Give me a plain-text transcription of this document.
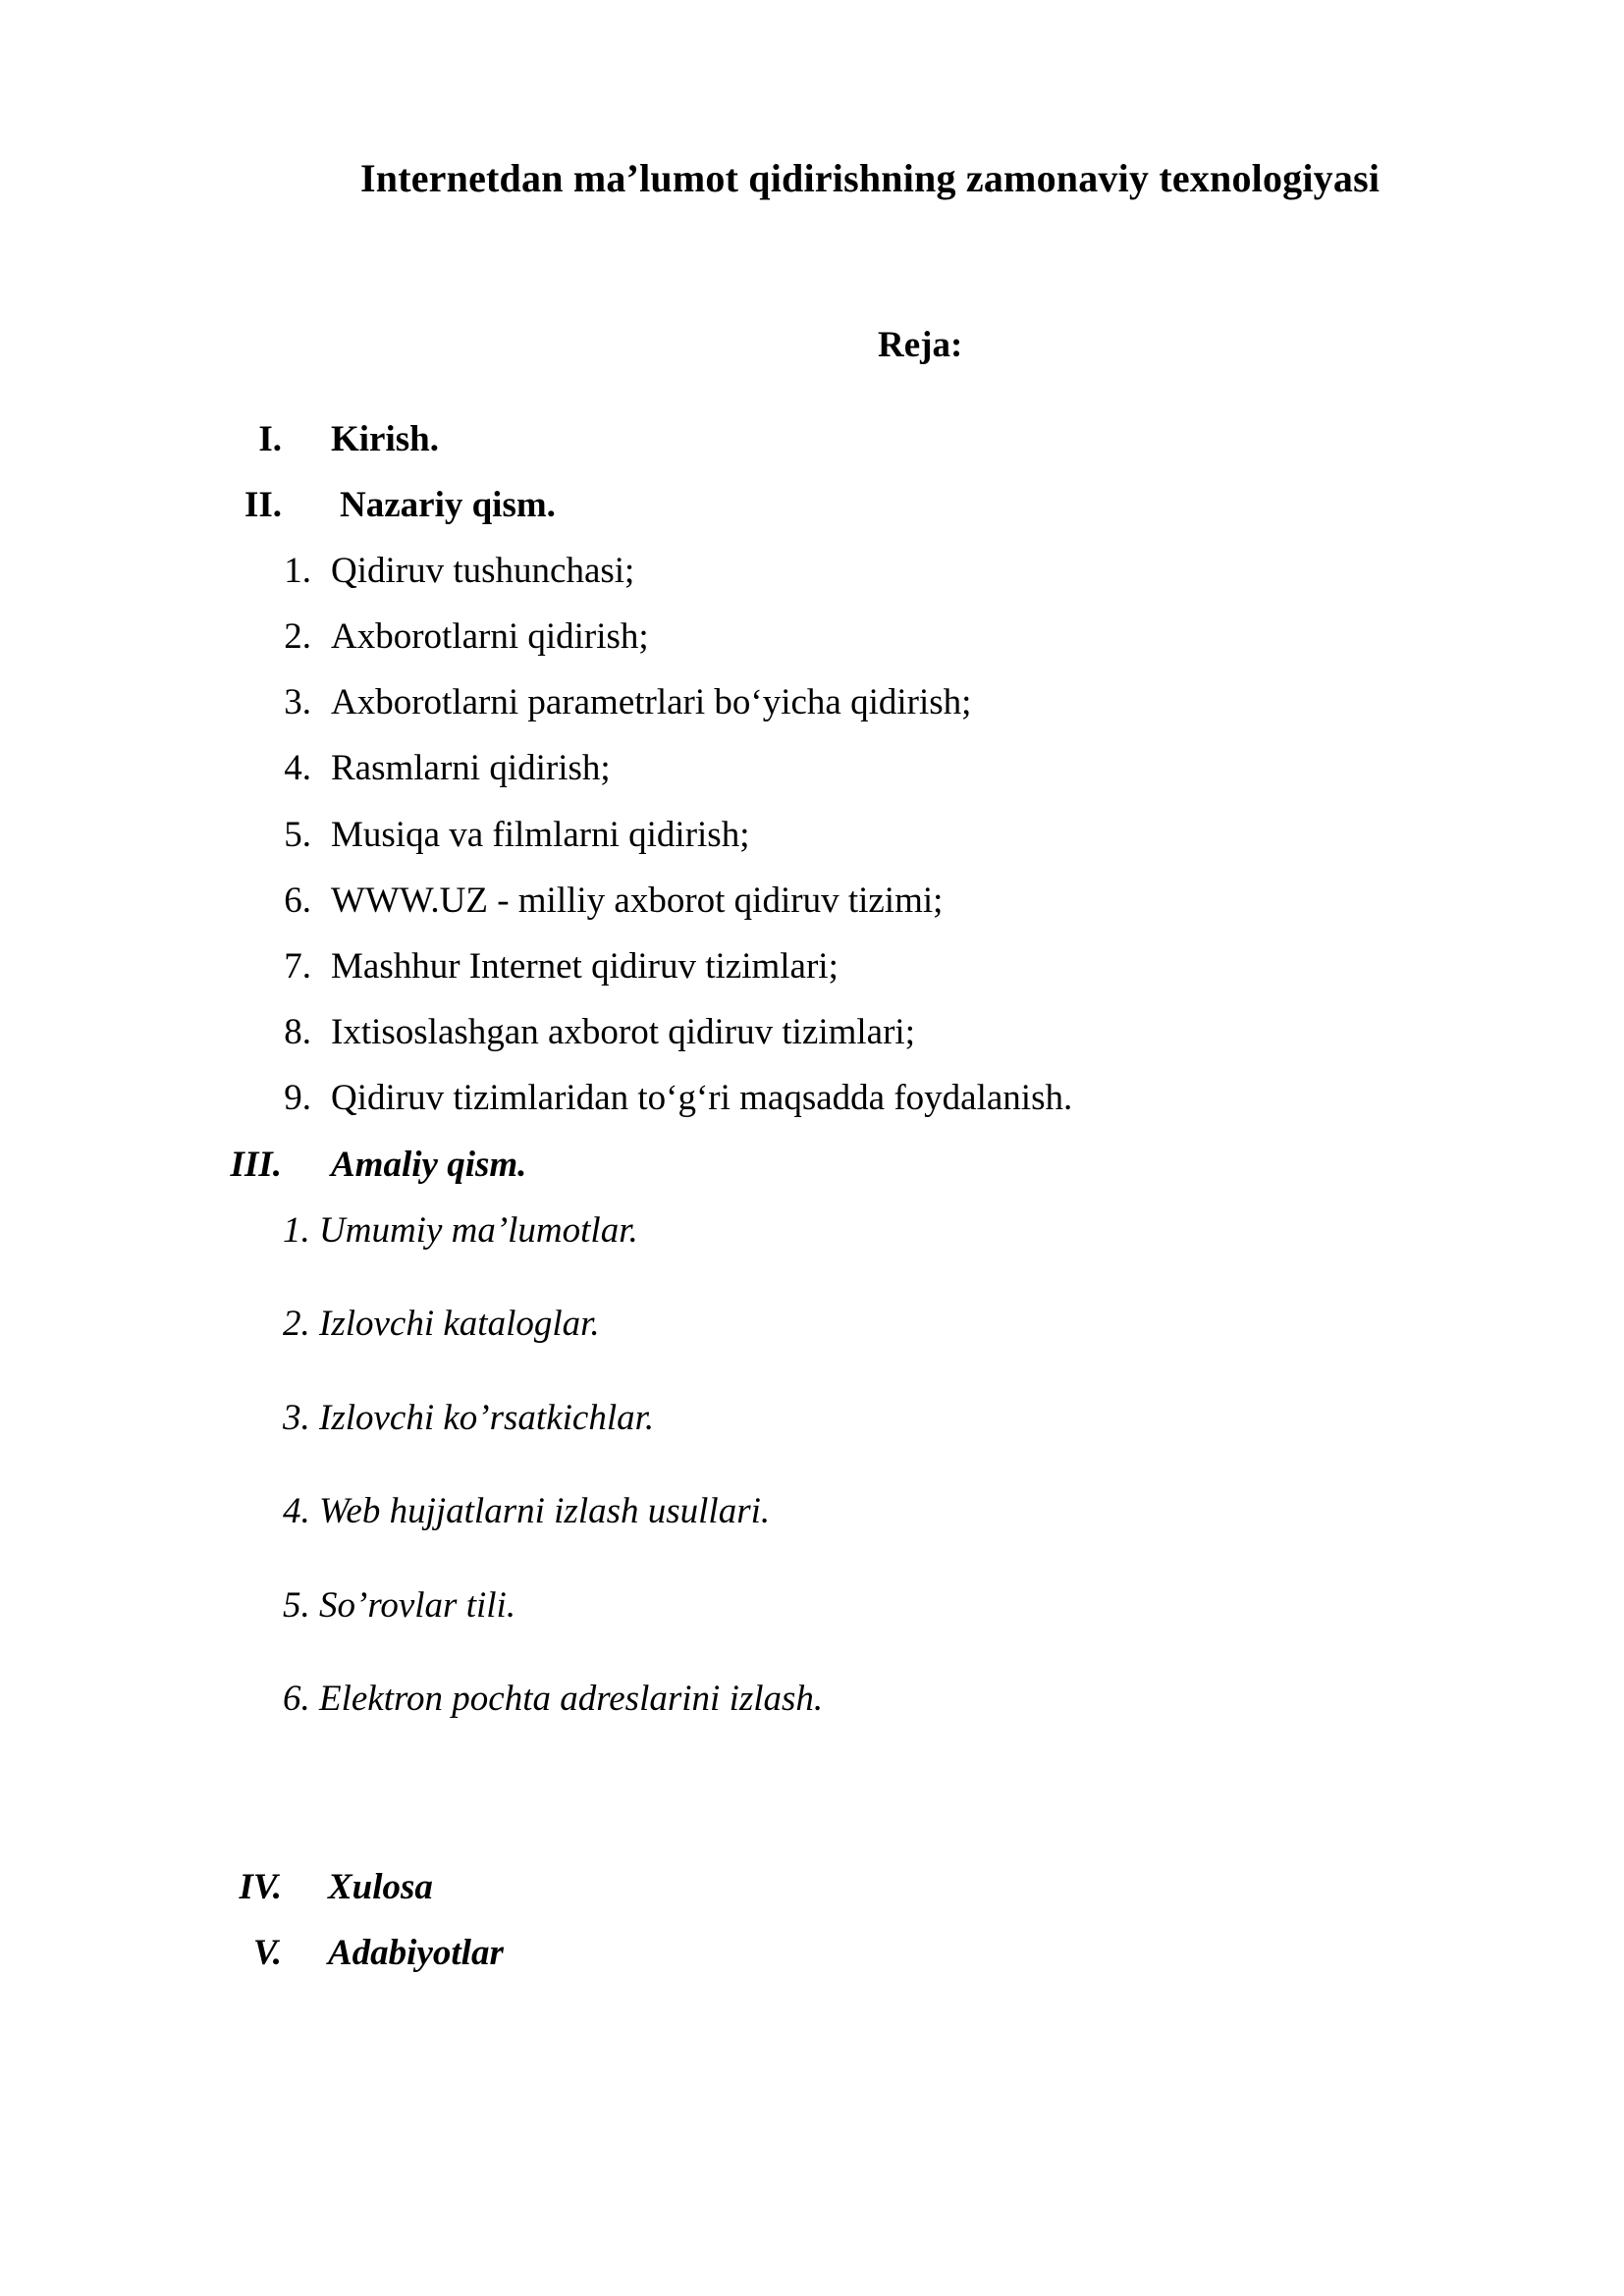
Internetdan ma’lumot qidirishning zamonaviy texnologiyasi
Reja:
I. Kirish.
II. Nazariy qism.
1. Qidiruv tushunchasi;
2. Axborotlarni qidirish;
3. Axborotlarni parametrlari bo‘yicha qidirish;
4. Rasmlarni qidirish;
5. Musiqa va filmlarni qidirish;
6. WWW.UZ - milliy axborot qidiruv tizimi;
7. Mashhur Internet qidiruv tizimlari;
8. Ixtisoslashgan axborot qidiruv tizimlari;
9. Qidiruv tizimlaridan to‘g‘ri maqsadda foydalanish.
III. Amaliy qism.
1. Umumiy ma’lumotlar.
2. Izlovchi kataloglar.
3. Izlovchi ko’rsatkichlar.
4. Web hujjatlarni izlash usullari.
5. So’rovlar tili.
6. Elektron pochta adreslarini izlash.
IV. Xulosa
V. Adabiyotlar
